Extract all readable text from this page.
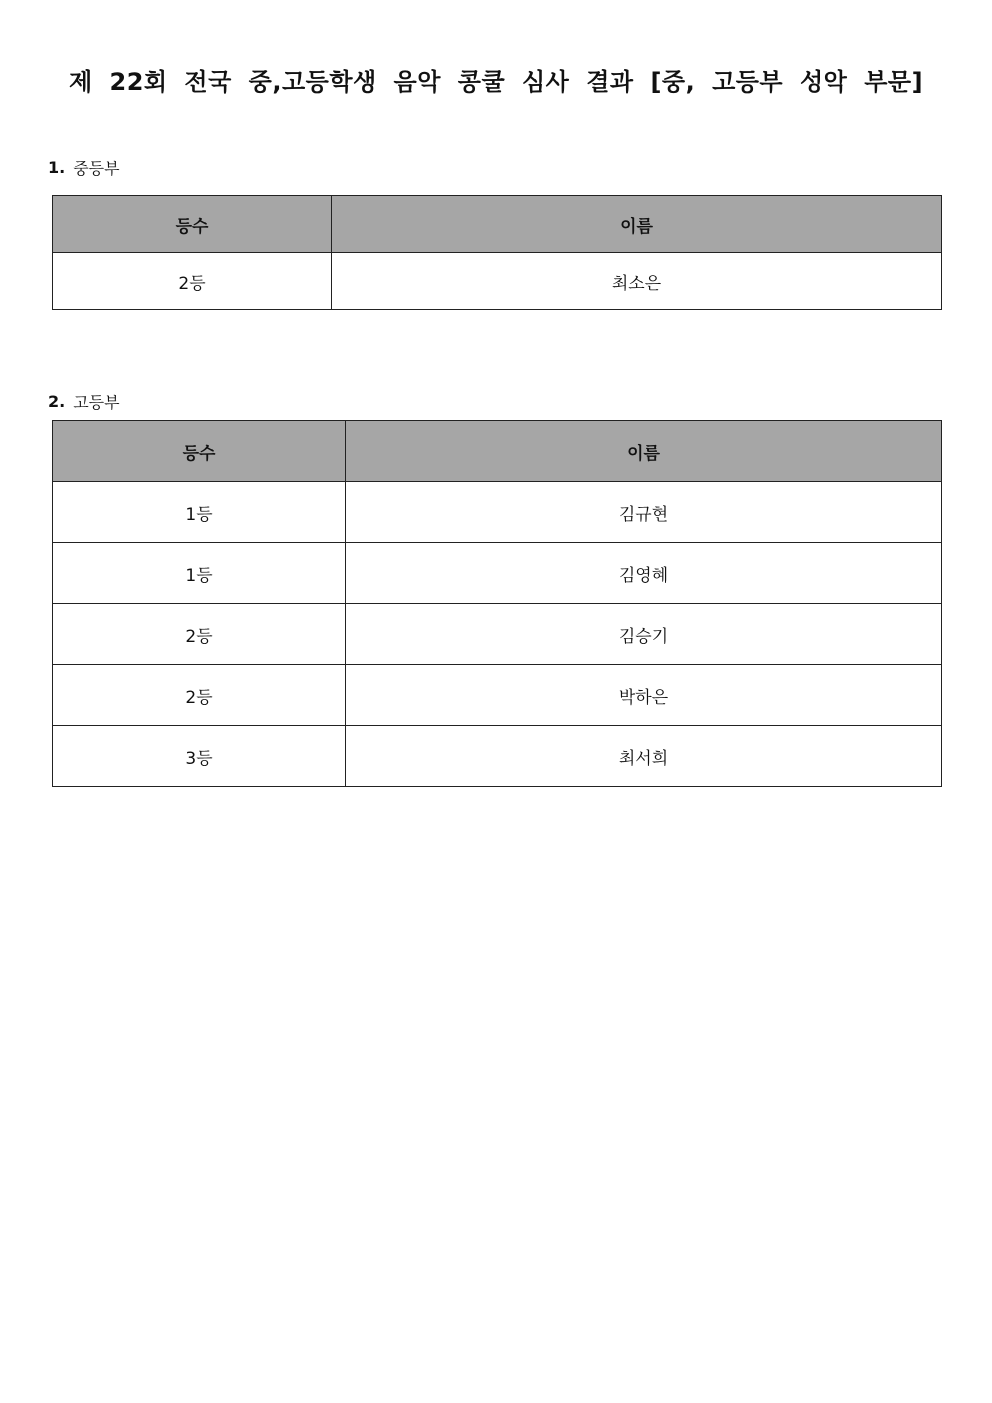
제 22회 전국 중,고등학생 음악 콩쿨 심사 결과 [중, 고등부 성악 부문]
1. 중등부
등수	이름
2등	최소은
2. 고등부
등수	이름
1등	김규현
1등	김영혜
2등	김승기
2등	박하은
3등	최서희
